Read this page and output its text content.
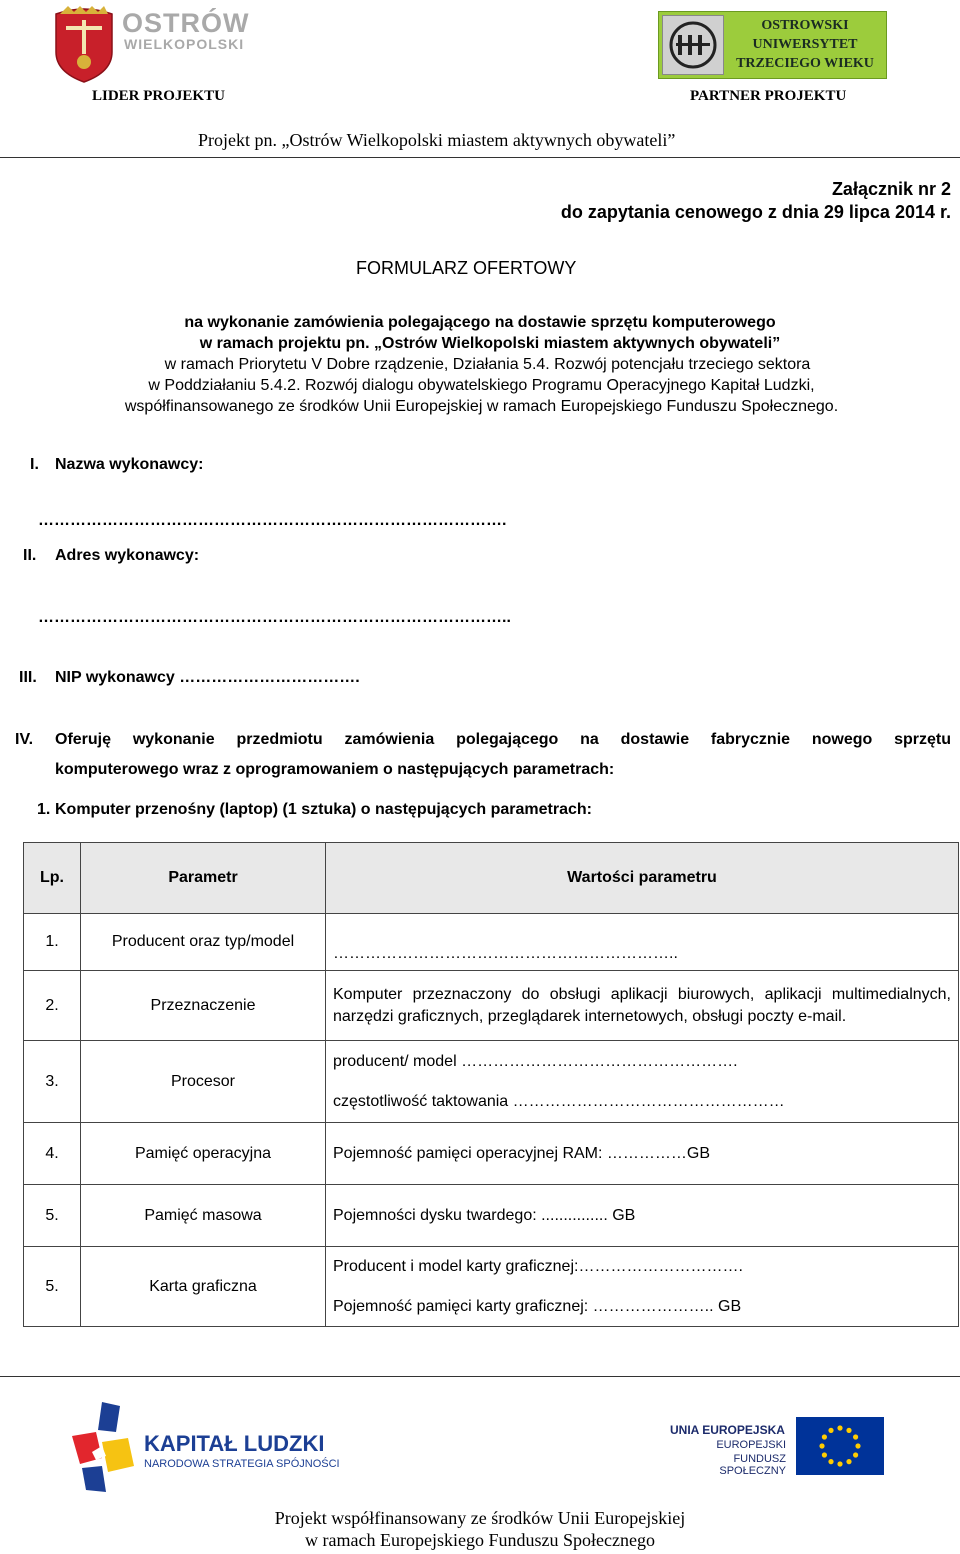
OSTRÓW
WIELKOPOLSKI
LIDER PROJEKTU
OSTROWSKI
UNIWERSYTET
TRZECIEGO WIEKU
PARTNER PROJEKTU
Projekt pn. „Ostrów Wielkopolski miastem aktywnych obywateli”
Załącznik nr 2
do zapytania cenowego z dnia 29 lipca 2014 r.
FORMULARZ OFERTOWY
na wykonanie zamówienia polegającego na dostawie sprzętu komputerowego
w ramach projektu pn. „Ostrów Wielkopolski miastem aktywnych obywateli”
w ramach Priorytetu V Dobre rządzenie, Działania 5.4. Rozwój potencjału trzeciego sektora
w Poddziałaniu 5.4.2. Rozwój dialogu obywatelskiego Programu Operacyjnego Kapitał Ludzki,
współfinansowanego ze środków Unii Europejskiej w ramach Europejskiego Funduszu Społecznego.
I. Nazwa wykonawcy:
…………………………………………………………………………….
II. Adres wykonawcy:
……………………………………………………………………………..
III. NIP wykonawcy …………………………….
IV. Oferuję wykonanie przedmiotu zamówienia polegającego na dostawie fabrycznie nowego sprzętu
komputerowego wraz z oprogramowaniem o następujących parametrach:
1. Komputer przenośny (laptop) (1 sztuka) o następujących parametrach:
Lp.	Parametr	Wartości parametru
1.	Producent oraz typ/model	………………………………………………………..

2.	Przeznaczenie	Komputer przeznaczony do obsługi aplikacji biurowych, aplikacji multimedialnych, narzędzi graficznych, przeglądarek internetowych, obsługi poczty e-mail.

3.	Procesor	producent/ model …………………………………………….
częstotliwość taktowania ……………………………………………

4.	Pamięć operacyjna	Pojemność pamięci operacyjnej RAM: ……………GB

5.	Pamięć masowa	Pojemności dysku twardego: ............... GB

5.	Karta graficzna	Producent i model karty graficznej:………………………….
Pojemność pamięci karty graficznej: ………………….. GB
KAPITAŁ LUDZKI
NARODOWA STRATEGIA SPÓJNOŚCI
UNIA EUROPEJSKA
EUROPEJSKI
FUNDUSZ SPOŁECZNY
Projekt współfinansowany ze środków Unii Europejskiej
w ramach Europejskiego Funduszu Społecznego
